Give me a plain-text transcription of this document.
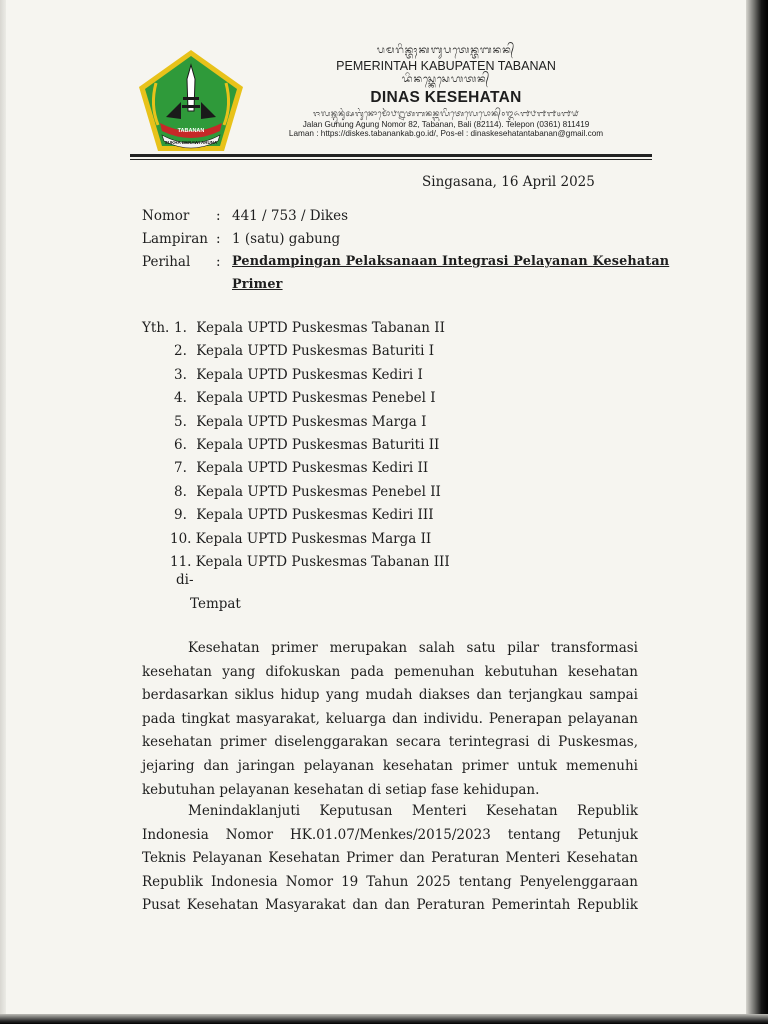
TABANAN
SUKHA BERAWI ARUNA
ᬧᬫᬭᬶᬦ᭄ᬢᬄᬓᬩᬸᬧᬢᬾᬦ᭄ᬢᬩᬦᬦ᭄
PEMERINTAH KABUPATEN TABANAN
ᬤᬶᬦᬲ᭄ᬓᬾᬲᬾᬳᬢᬦ᭄
DINAS KESEHATAN
ᬚᬮᬦ᭄ᬕᬸᬦᬸᬂᬅᬕᬸᬂᬦᭀᬫᭀᬃ᭘᭒ᬢᬩᬦᬦ᭄ᬩᬮᬶᬢᬾᬮᬾᬧᭀᬦ᭄᭐᭓᭖᭑᭘᭑᭑᭔᭑᭙
Jalan Gunung Agung Nomor 82, Tabanan, Bali (82114). Telepon (0361) 811419
Laman : https://diskes.tabanankab.go.id/, Pos-el : dinaskesehatantabanan@gmail.com
Singasana, 16 April 2025
Nomor : 441 / 753 / Dikes
Lampiran : 1 (satu) gabung
Perihal : Pendampingan Pelaksanaan Integrasi Pelayanan Kesehatan
Primer
Yth. 1. Kepala UPTD Puskesmas Tabanan II
2. Kepala UPTD Puskesmas Baturiti I
3. Kepala UPTD Puskesmas Kediri I
4. Kepala UPTD Puskesmas Penebel I
5. Kepala UPTD Puskesmas Marga I
6. Kepala UPTD Puskesmas Baturiti II
7. Kepala UPTD Puskesmas Kediri II
8. Kepala UPTD Puskesmas Penebel II
9. Kepala UPTD Puskesmas Kediri III
10. Kepala UPTD Puskesmas Marga II
11. Kepala UPTD Puskesmas Tabanan III
di-
Tempat
Kesehatan primer merupakan salah satu pilar transformasi
kesehatan yang difokuskan pada pemenuhan kebutuhan kesehatan
berdasarkan siklus hidup yang mudah diakses dan terjangkau sampai
pada tingkat masyarakat, keluarga dan individu. Penerapan pelayanan
kesehatan primer diselenggarakan secara terintegrasi di Puskesmas,
jejaring dan jaringan pelayanan kesehatan primer untuk memenuhi
kebutuhan pelayanan kesehatan di setiap fase kehidupan.
Menindaklanjuti Keputusan Menteri Kesehatan Republik
Indonesia Nomor HK.01.07/Menkes/2015/2023 tentang Petunjuk
Teknis Pelayanan Kesehatan Primer dan Peraturan Menteri Kesehatan
Republik Indonesia Nomor 19 Tahun 2025 tentang Penyelenggaraan
Pusat Kesehatan Masyarakat dan dan Peraturan Pemerintah Republik
